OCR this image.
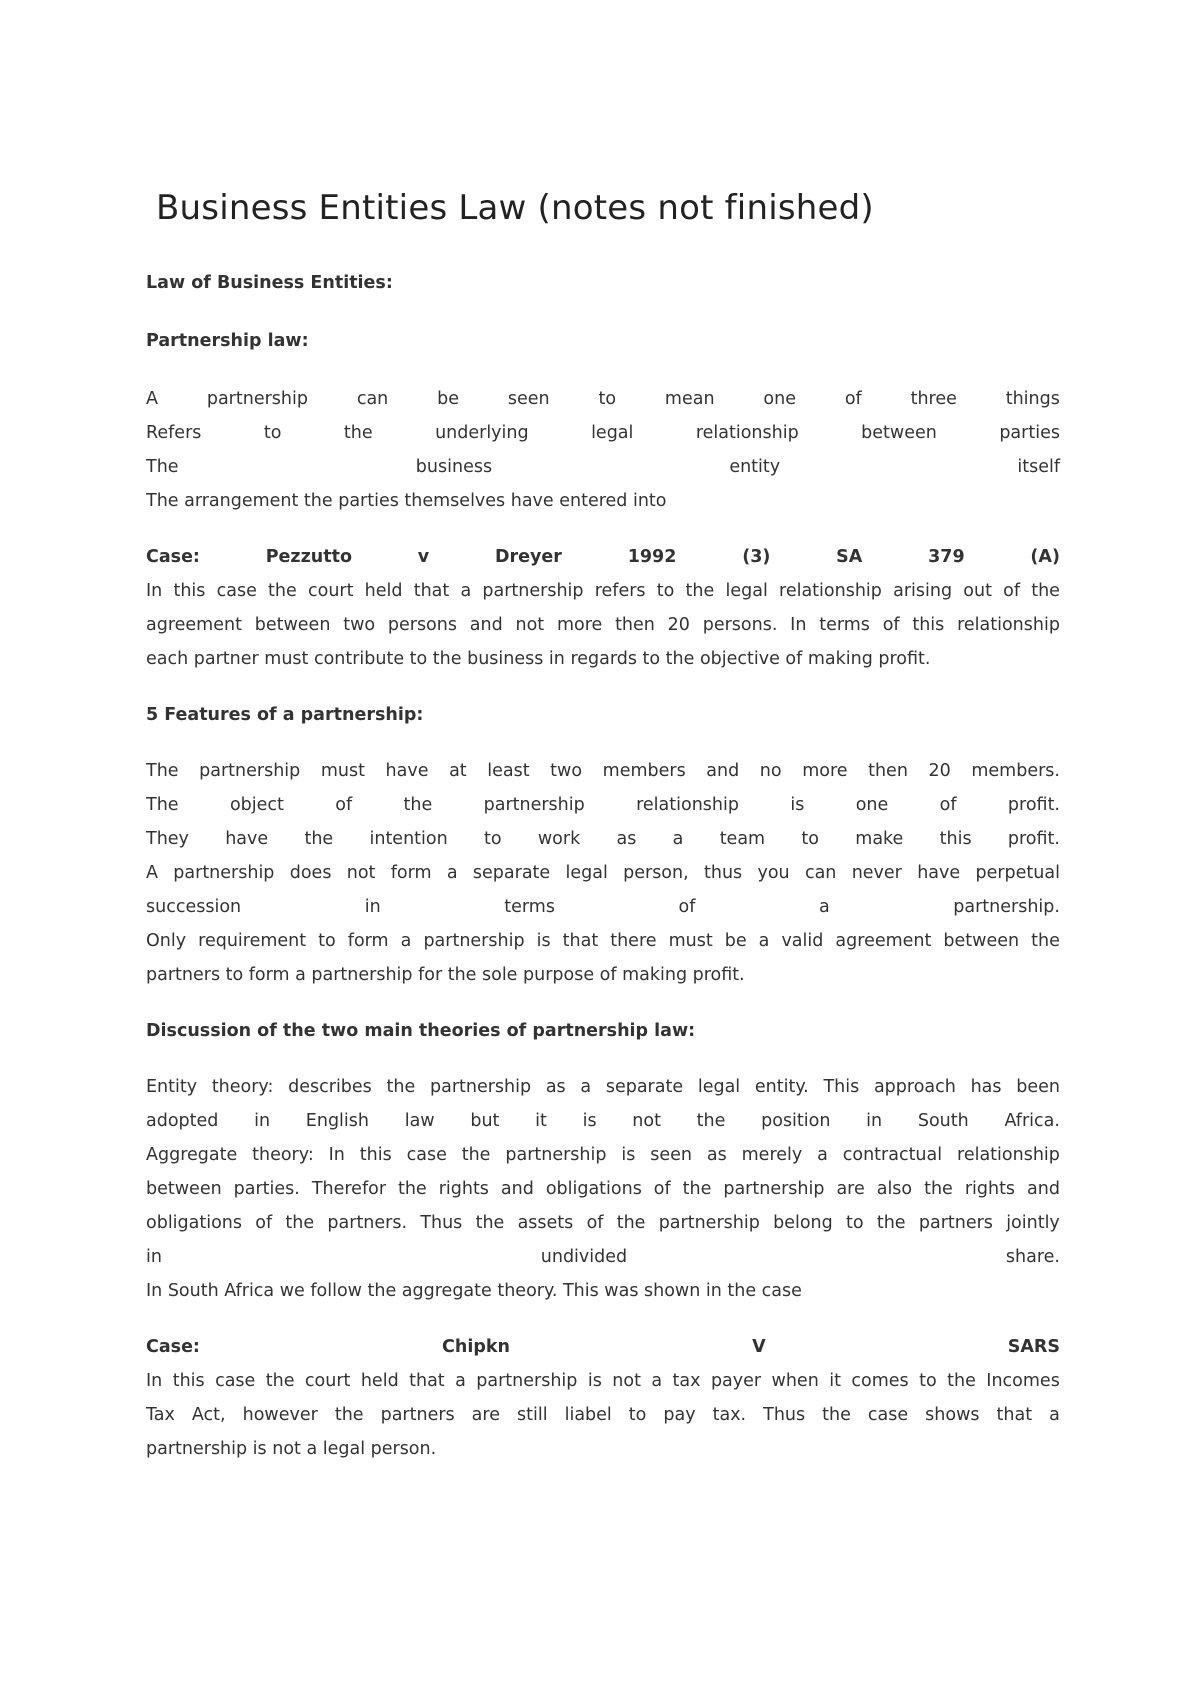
Business Entities Law (notes not finished)

Law of Business Entities:

Partnership law:

A	partnership	can	be	seen	to	mean	one	of	three	things

Refers	to	the	underlying	legal	relationship	between	parties

The	business	entity	itself

The arrangement the parties themselves have entered into

Case:	Pezzutto	v	Dreyer	1992	(3)	SA	379	(A)

In this case the court held that a partnership refers to the legal relationship arising out of the

agreement between two persons and not more then 20 persons. In terms of this relationship

each partner must contribute to the business in regards to the objective of making profit.

5 Features of a partnership:

The partnership must have at least two members and no more then 20 members.

The	object	of	the	partnership	relationship	is	one	of	profit.

They have the intention to work as a team to make this profit.

A partnership does not form a separate legal person, thus you can never have perpetual

succession	in	terms	of	a	partnership.

Only requirement to form a partnership is that there must be a valid agreement between the

partners to form a partnership for the sole purpose of making profit.

Discussion of the two main theories of partnership law:

Entity theory: describes the partnership as a separate legal entity. This approach has been

adopted in English law but it is not the position in South Africa.

Aggregate theory: In this case the partnership is seen as merely a contractual relationship

between parties. Therefor the rights and obligations of the partnership are also the rights and

obligations of the partners. Thus the assets of the partnership belong to the partners jointly

in	undivided	share.

In South Africa we follow the aggregate theory. This was shown in the case

Case:	Chipkn	V	SARS

In this case the court held that a partnership is not a tax payer when it comes to the Incomes

Tax Act, however the partners are still liabel to pay tax. Thus the case shows that a

partnership is not a legal person.
